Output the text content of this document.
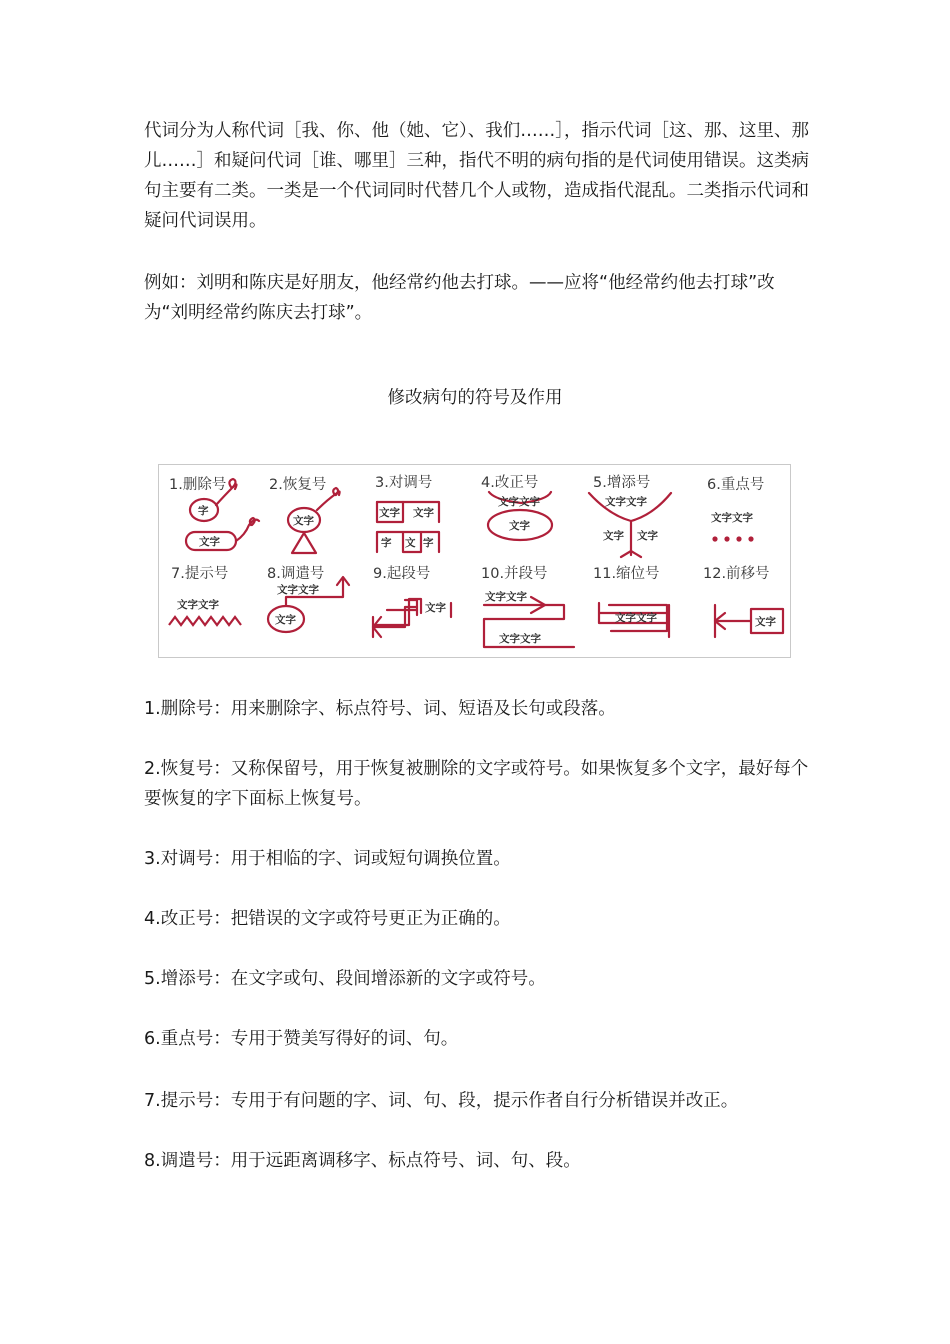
代词分为人称代词［我、你、他（她、它）、我们……］，指示代词［这、那、这里、那儿……］和疑问代词［谁、哪里］三种，指代不明的病句指的是代词使用错误。这类病句主要有二类。一类是一个代词同时代替几个人或物，造成指代混乱。二类指示代词和疑问代词误用。

例如：刘明和陈庆是好朋友，他经常约他去打球。——应将“他经常约他去打球”改为“刘明经常约陈庆去打球”。

修改病句的符号及作用

1.删除号	2.恢复号	3.对调号	4.改正号	5.增添号	6.重点号
7.提示号	8.调遣号	9.起段号	10.并段号	11.缩位号	12.前移号
字
文字
文字
文字 文字
字 文 字
文字文字
文字
文字文字
文字 文字
文字文字
文字文字
文字文字
文字
文字
文字文字
文字文字
文字文字	文字

1.删除号：用来删除字、标点符号、词、短语及长句或段落。

2.恢复号：又称保留号，用于恢复被删除的文字或符号。如果恢复多个文字，最好每个要恢复的字下面标上恢复号。

3.对调号：用于相临的字、词或短句调换位置。

4.改正号：把错误的文字或符号更正为正确的。

5.增添号：在文字或句、段间增添新的文字或符号。

6.重点号：专用于赞美写得好的词、句。

7.提示号：专用于有问题的字、词、句、段，提示作者自行分析错误并改正。

8.调遣号：用于远距离调移字、标点符号、词、句、段。
